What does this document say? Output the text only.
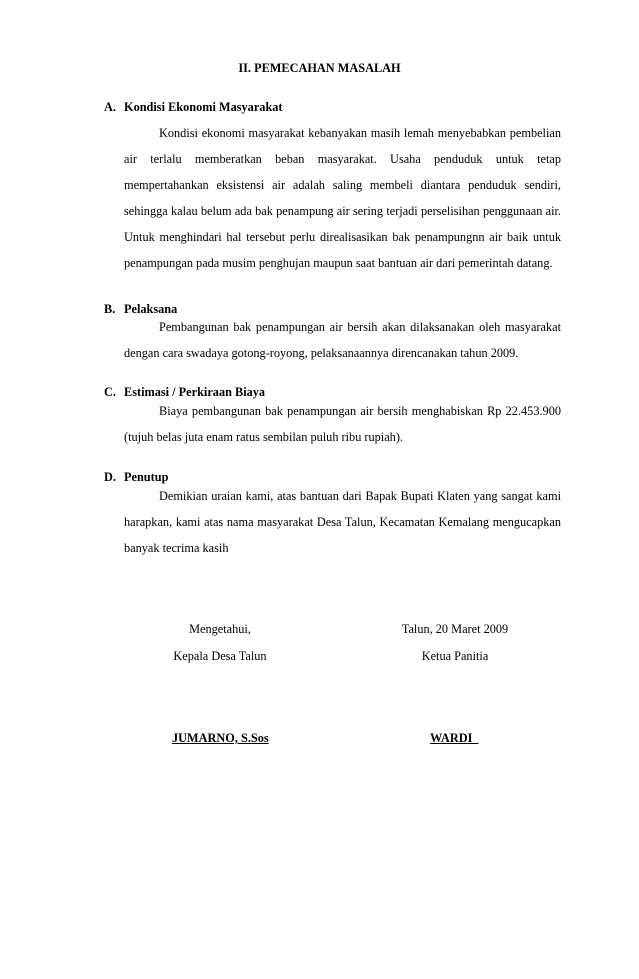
II. PEMECAHAN MASALAH
A. Kondisi Ekonomi Masyarakat
Kondisi ekonomi masyarakat kebanyakan masih lemah menyebabkan pembelian air terlalu memberatkan beban masyarakat. Usaha penduduk untuk tetap mempertahankan eksistensi air adalah saling membeli diantara penduduk sendiri, sehingga kalau belum ada bak penampung air sering terjadi perselisihan penggunaan air. Untuk menghindari hal tersebut perlu direalisasikan bak penampungnn air baik untuk penampungan pada musim penghujan maupun saat bantuan air dari pemerintah datang.
B. Pelaksana
Pembangunan bak penampungan air bersih akan dilaksanakan oleh masyarakat dengan cara swadaya gotong-royong, pelaksanaannya direncanakan tahun 2009.
C. Estimasi / Perkiraan Biaya
Biaya pembangunan bak penampungan air bersih menghabiskan Rp 22.453.900 (tujuh belas juta enam ratus sembilan puluh ribu rupiah).
D. Penutup
Demikian uraian kami, atas bantuan dari Bapak Bupati Klaten yang sangat kami harapkan, kami atas nama masyarakat Desa Talun, Kecamatan Kemalang mengucapkan banyak tecrima kasih
Mengetahui,
Kepala Desa Talun
Talun, 20 Maret 2009
Ketua Panitia
JUMARNO, S.Sos	WARDI
